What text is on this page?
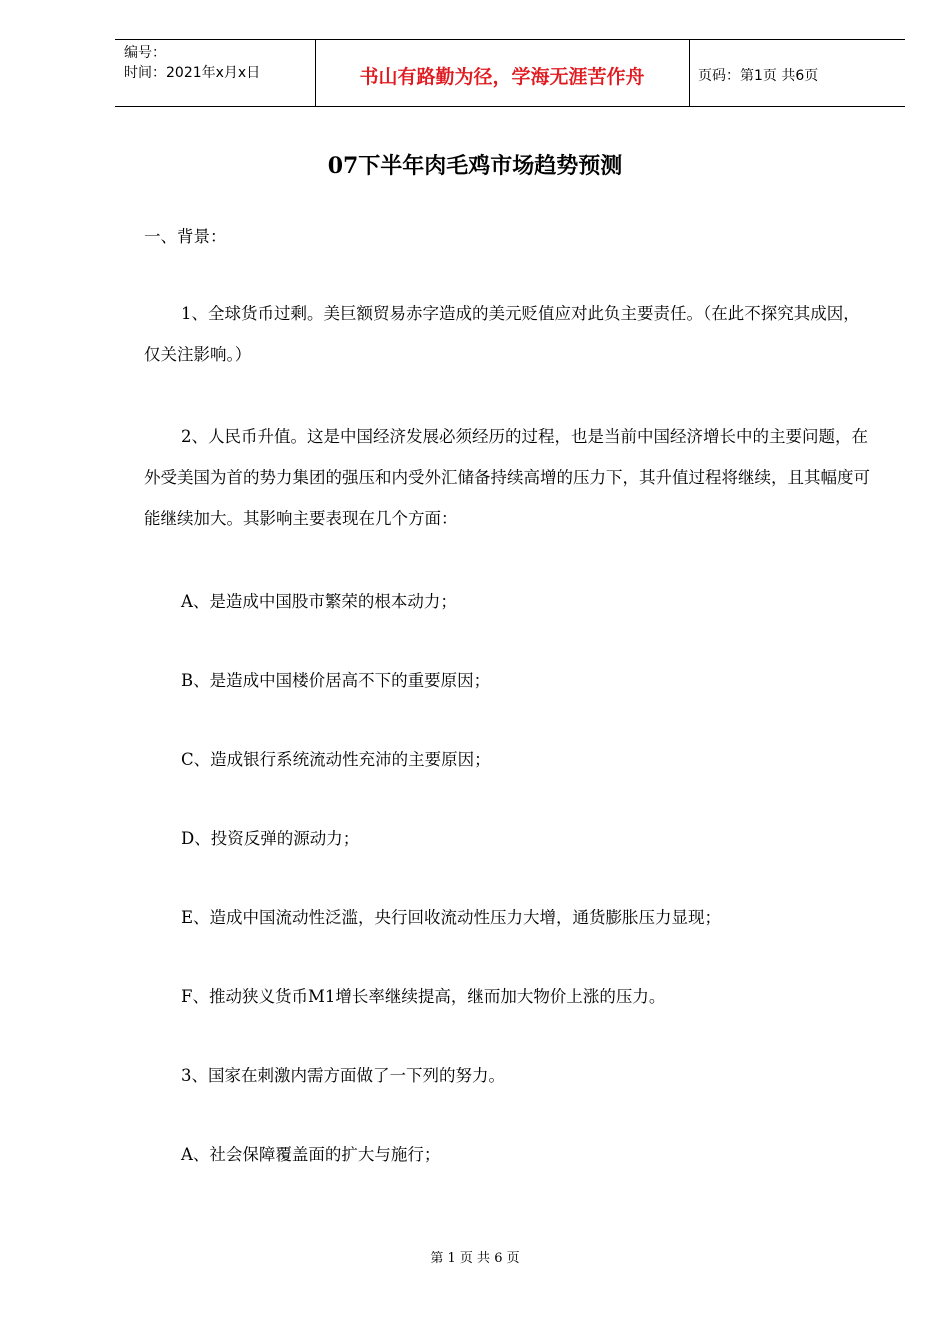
编号：
时间：2021年x月x日	书山有路勤为径，学海无涯苦作舟	页码：第1页 共6页
07下半年肉毛鸡市场趋势预测

一、背景：

1、全球货币过剩。美巨额贸易赤字造成的美元贬值应对此负主要责任。（在此不探究其成因，仅关注影响。）

2、人民币升值。这是中国经济发展必须经历的过程，也是当前中国经济增长中的主要问题，在外受美国为首的势力集团的强压和内受外汇储备持续高增的压力下，其升值过程将继续，且其幅度可能继续加大。其影响主要表现在几个方面：

A、是造成中国股市繁荣的根本动力；

B、是造成中国楼价居高不下的重要原因；

C、造成银行系统流动性充沛的主要原因；

D、投资反弹的源动力；

E、造成中国流动性泛滥，央行回收流动性压力大增，通货膨胀压力显现；

F、推动狭义货币M1增长率继续提高，继而加大物价上涨的压力。

3、国家在刺激内需方面做了一下列的努力。

A、社会保障覆盖面的扩大与施行；

第 1 页 共 6 页
